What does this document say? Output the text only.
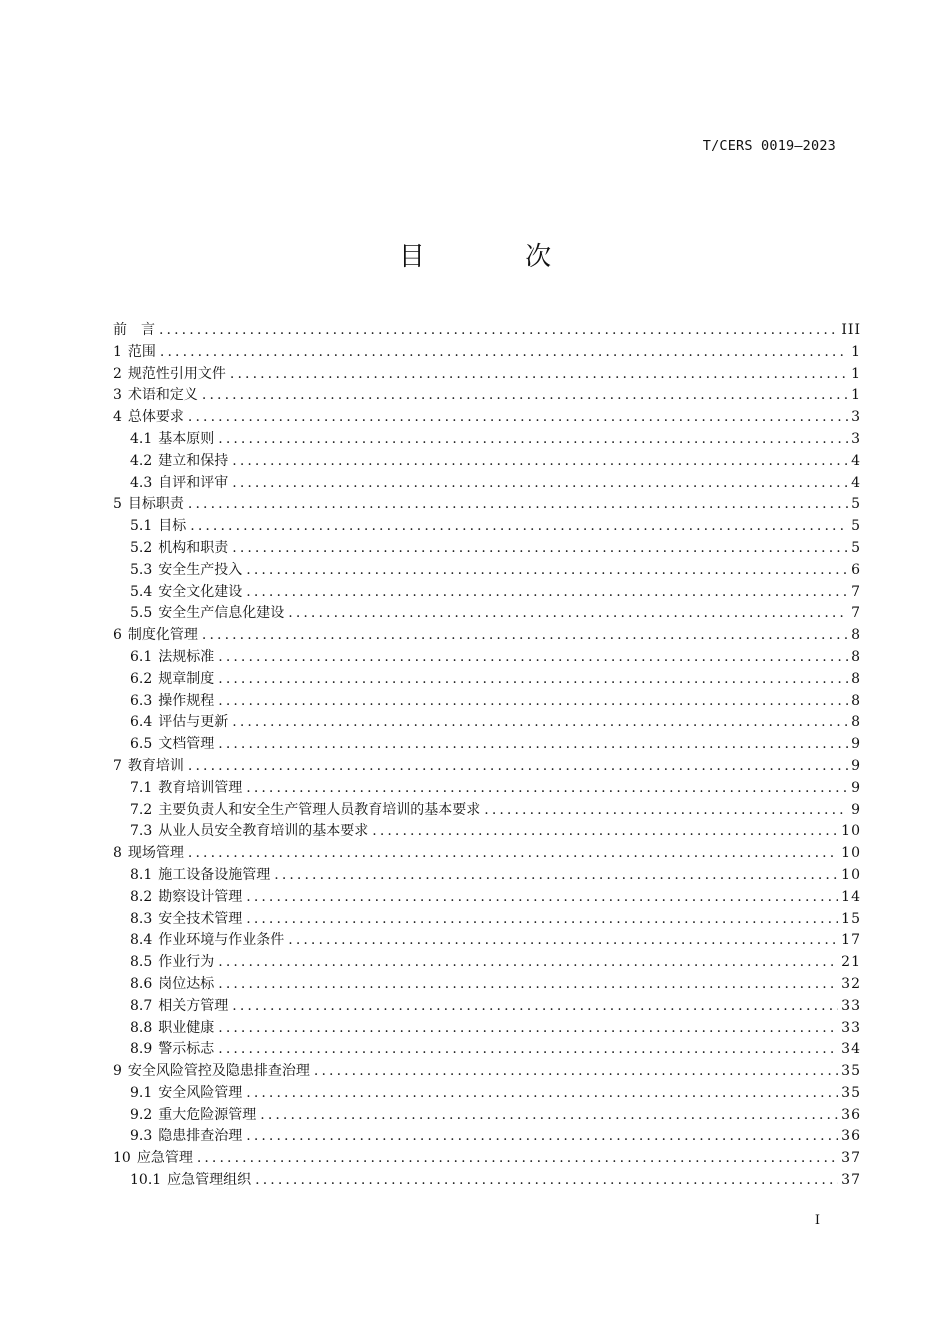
T/CERS 0019—2023
目 次
前　言 .....	III
1 范围 .....	1
2 规范性引用文件 .....	1
3 术语和定义 .....	1
4 总体要求 .....	3
4.1 基本原则 .....	3
4.2 建立和保持 .....	4
4.3 自评和评审 .....	4
5 目标职责 .....	5
5.1 目标 .....	5
5.2 机构和职责 .....	5
5.3 安全生产投入 .....	6
5.4 安全文化建设 .....	7
5.5 安全生产信息化建设 .....	7
6 制度化管理 .....	8
6.1 法规标准 .....	8
6.2 规章制度 .....	8
6.3 操作规程 .....	8
6.4 评估与更新 .....	8
6.5 文档管理 .....	9
7 教育培训 .....	9
7.1 教育培训管理 .....	9
7.2 主要负责人和安全生产管理人员教育培训的基本要求 .....	9
7.3 从业人员安全教育培训的基本要求 .....	10
8 现场管理 .....	10
8.1 施工设备设施管理 .....	10
8.2 勘察设计管理 .....	14
8.3 安全技术管理 .....	15
8.4 作业环境与作业条件 .....	17
8.5 作业行为 .....	21
8.6 岗位达标 .....	32
8.7 相关方管理 .....	33
8.8 职业健康 .....	33
8.9 警示标志 .....	34
9 安全风险管控及隐患排查治理 .....	35
9.1 安全风险管理 .....	35
9.2 重大危险源管理 .....	36
9.3 隐患排查治理 .....	36
10 应急管理 .....	37
10.1 应急管理组织 .....	37
I
